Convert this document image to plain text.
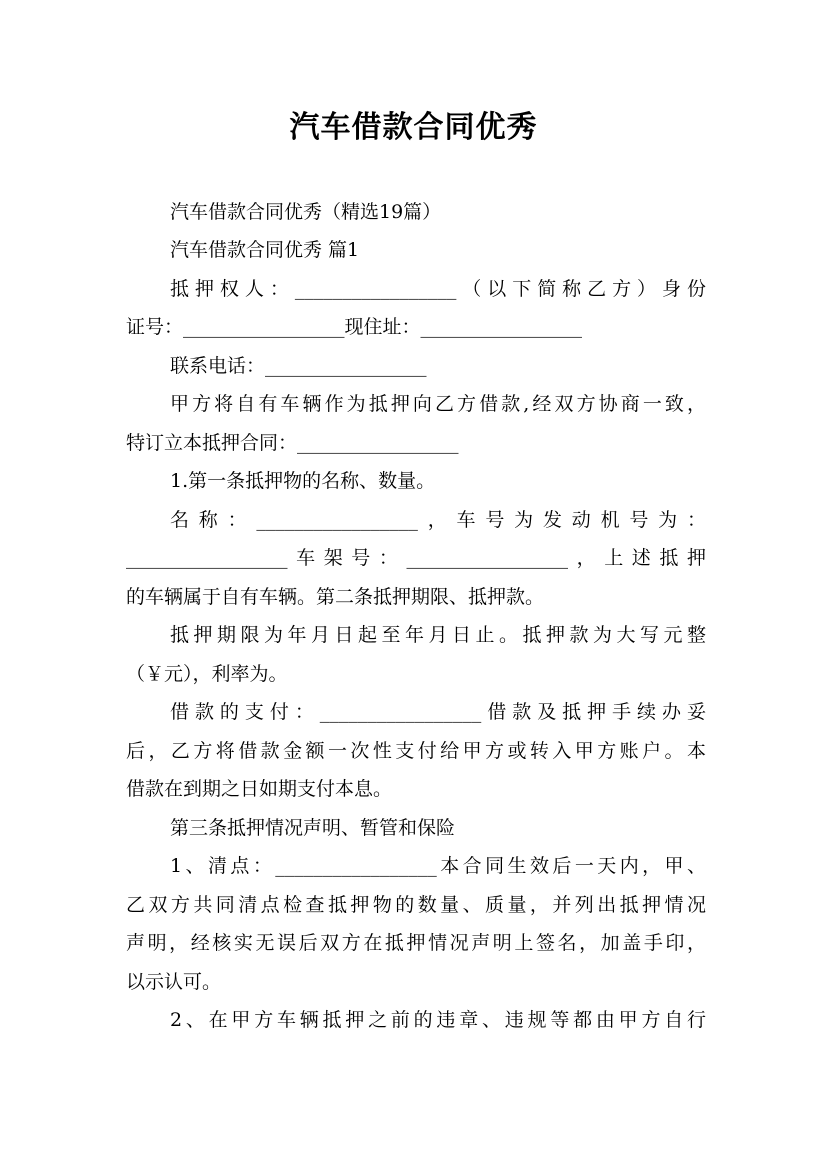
汽车借款合同优秀
汽车借款合同优秀（精选19篇）
汽车借款合同优秀 篇1
抵押权人：_________________（以下简称乙方）身份
证号：_________________现住址：_________________
联系电话：_________________
甲方将自有车辆作为抵押向乙方借款,经双方协商一致，
特订立本抵押合同：_________________
1.第一条抵押物的名称、数量。
名称：_________________，车号为发动机号为：
_________________车架号：_________________，上述抵押
的车辆属于自有车辆。第二条抵押期限、抵押款。
抵押期限为年月日起至年月日止。抵押款为大写元整
（￥元），利率为。
借款的支付：_________________借款及抵押手续办妥
后，乙方将借款金额一次性支付给甲方或转入甲方账户。本
借款在到期之日如期支付本息。
第三条抵押情况声明、暂管和保险
1、清点：_________________本合同生效后一天内，甲、
乙双方共同清点检查抵押物的数量、质量，并列出抵押情况
声明，经核实无误后双方在抵押情况声明上签名，加盖手印，
以示认可。
2、在甲方车辆抵押之前的违章、违规等都由甲方自行
